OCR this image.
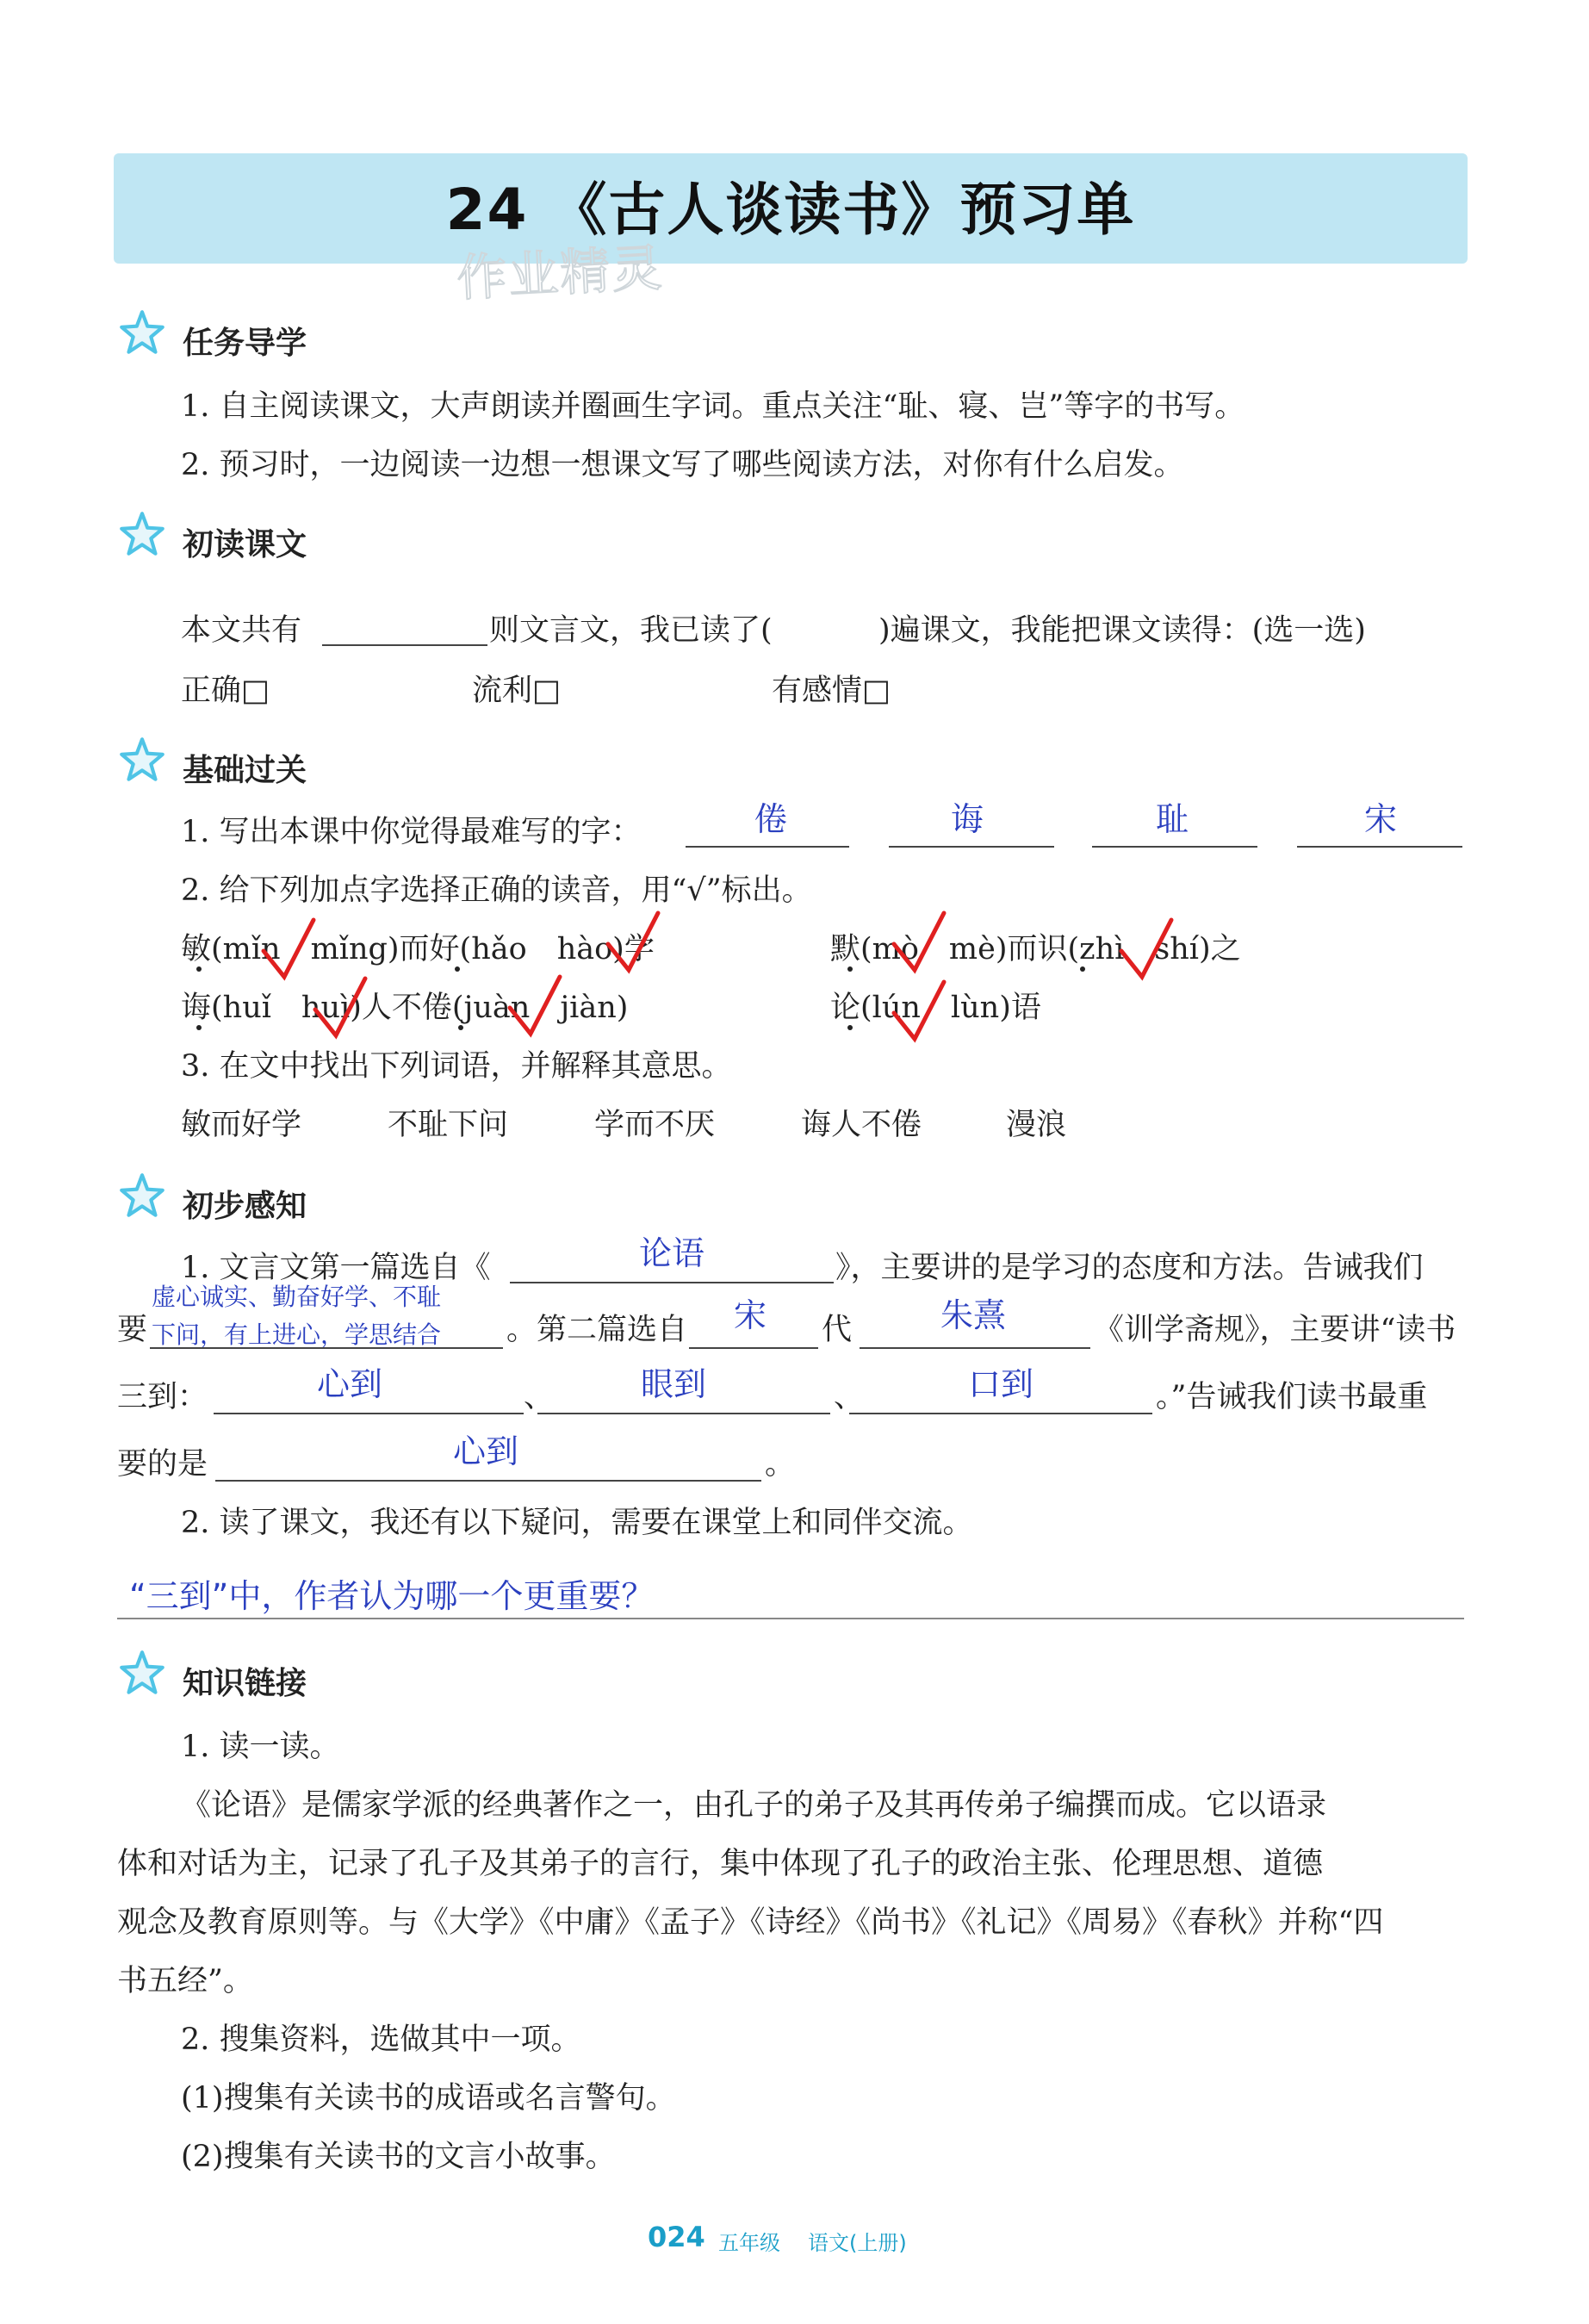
24 《古人谈读书》预习单
作业精灵
任务导学
1. 自主阅读课文，大声朗读并圈画生字词。重点关注“耻、寝、岂”等字的书写。
2. 预习时，一边阅读一边想一想课文写了哪些阅读方法，对你有什么启发。
初读课文
本文共有	则文言文，我已读了(	)遍课文，我能把课文读得：(选一选)
正确□	流利□	有感情□
基础过关
1. 写出本课中你觉得最难写的字：	倦	诲	耻	宋
2. 给下列加点字选择正确的读音，用“√”标出。
敏(mǐn　mǐng)而好(hǎo　hào)学	默(mò　mè)而识(zhì　shí)之
诲(huǐ　huì)人不倦(juàn　jiàn)	论(lún　lùn)语
3. 在文中找出下列词语，并解释其意思。
敏而好学	不耻下问	学而不厌	诲人不倦	漫浪
初步感知
1. 文言文第一篇选自《	论语	》，主要讲的是学习的态度和方法。告诫我们
虚心诚实、勤奋好学、不耻
要 下问，有上进心，学思结合 。第二篇选自 宋 代	朱熹	《训学斋规》，主要讲“读书
三到：	心到	、	眼到	、	口到	。”告诫我们读书最重
要的是	心到	。
2. 读了课文，我还有以下疑问，需要在课堂上和同伴交流。
“三到”中，作者认为哪一个更重要？
知识链接
1. 读一读。
《论语》是儒家学派的经典著作之一，由孔子的弟子及其再传弟子编撰而成。它以语录
体和对话为主，记录了孔子及其弟子的言行，集中体现了孔子的政治主张、伦理思想、道德
观念及教育原则等。与《大学》《中庸》《孟子》《诗经》《尚书》《礼记》《周易》《春秋》并称“四
书五经”。
2. 搜集资料，选做其中一项。
(1)搜集有关读书的成语或名言警句。
(2)搜集有关读书的文言小故事。
024 五年级 语文(上册)
